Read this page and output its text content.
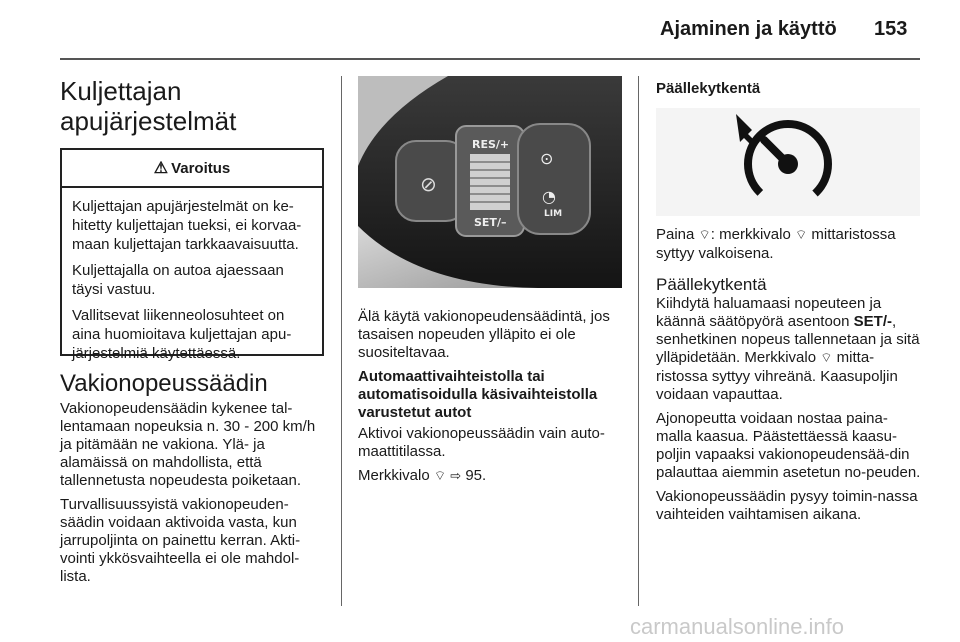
Ajaminen ja käyttö 153
Kuljettajan
apujärjestelmät
⚠ Varoitus

Kuljettajan apujärjestelmät on ke-hitetty kuljettajan tueksi, ei korvaa-maan kuljettajan tarkkaavaisuutta.

Kuljettajalla on autoa ajaessaan täysi vastuu.

Vallitsevat liikenneolosuhteet on aina huomioitava kuljettajan apu-järjestelmiä käytettäessä.

Vakionopeussäädin

Vakionopeudensäädin kykenee tal-lentamaan nopeuksia n. 30 - 200 km/h ja pitämään ne vakiona. Ylä- ja alamäissä on mahdollista, että tallennetusta nopeudesta poiketaan.

Turvallisuussyistä vakionopeuden-säädin voidaan aktivoida vasta, kun jarrupoljinta on painettu kerran. Akti-vointi ykkösvaihteella ei ole mahdol-lista.

⊘
RES/+
SET/–
⊙
◔
LIM

Älä käytä vakionopeudensäädintä, jos tasaisen nopeuden ylläpito ei ole suositeltavaa.

Automaattivaihteistolla tai automatisoidulla käsivaihteistolla varustetut autot

Aktivoi vakionopeussäädin vain auto-maattitilassa.

Merkkivalo ⌔ ⇨ 95.

Päällekytkentä

Paina ⌔: merkkivalo ⌔ mittaristossa syttyy valkoisena.

Päällekytkentä

Kiihdytä haluamaasi nopeuteen ja käännä säätöpyörä asentoon SET/-, senhetkinen nopeus tallennetaan ja sitä ylläpidetään. Merkkivalo ⌔ mitta-ristossa syttyy vihreänä. Kaasupoljin voidaan vapauttaa.

Ajonopeutta voidaan nostaa paina-malla kaasua. Päästettäessä kaasu-poljin vapaaksi vakionopeudensää-din palauttaa aiemmin asetetun no-peuden.

Vakionopeussäädin pysyy toimin-nassa vaihteiden vaihtamisen aikana.

carmanualsonline.info
